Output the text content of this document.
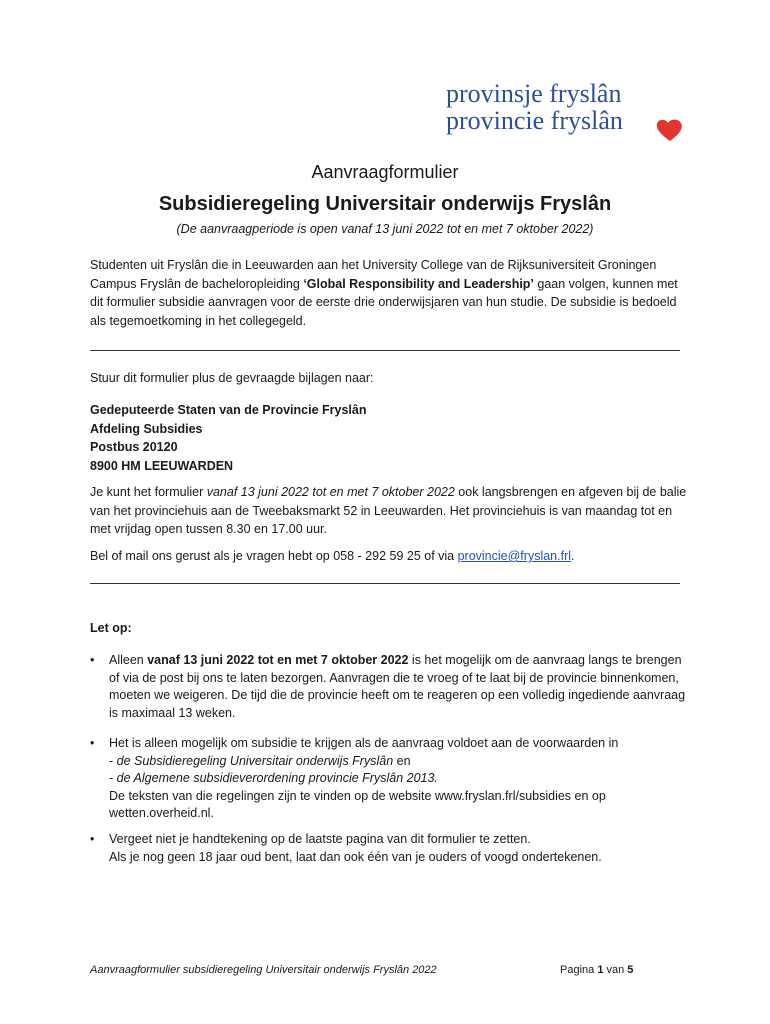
provinsje fryslân
provincie fryslân
Aanvraagformulier
Subsidieregeling Universitair onderwijs Fryslân
(De aanvraagperiode is open vanaf 13 juni 2022 tot en met 7 oktober 2022)
Studenten uit Fryslân die in Leeuwarden aan het University College van de Rijksuniversiteit Groningen Campus Fryslân de bacheloropleiding ‘Global Responsibility and Leadership’ gaan volgen, kunnen met dit formulier subsidie aanvragen voor de eerste drie onderwijsjaren van hun studie. De subsidie is bedoeld als tegemoetkoming in het collegegeld.
Stuur dit formulier plus de gevraagde bijlagen naar:
Gedeputeerde Staten van de Provincie Fryslân
Afdeling Subsidies
Postbus 20120
8900 HM LEEUWARDEN
Je kunt het formulier vanaf 13 juni 2022 tot en met 7 oktober 2022 ook langsbrengen en afgeven bij de balie van het provinciehuis aan de Tweebaksmarkt 52 in Leeuwarden. Het provinciehuis is van maandag tot en met vrijdag open tussen 8.30 en 17.00 uur.
Bel of mail ons gerust als je vragen hebt op 058 - 292 59 25 of via provincie@fryslan.frl.
Let op:
• Alleen vanaf 13 juni 2022 tot en met 7 oktober 2022 is het mogelijk om de aanvraag langs te brengen of via de post bij ons te laten bezorgen. Aanvragen die te vroeg of te laat bij de provincie binnenkomen, moeten we weigeren. De tijd die de provincie heeft om te reageren op een volledig ingediende aanvraag is maximaal 13 weken.
• Het is alleen mogelijk om subsidie te krijgen als de aanvraag voldoet aan de voorwaarden in
- de Subsidieregeling Universitair onderwijs Fryslân en
- de Algemene subsidieverordening provincie Fryslân 2013.
De teksten van die regelingen zijn te vinden op de website www.fryslan.frl/subsidies en op wetten.overheid.nl.
• Vergeet niet je handtekening op de laatste pagina van dit formulier te zetten.
Als je nog geen 18 jaar oud bent, laat dan ook één van je ouders of voogd ondertekenen.
Aanvraagformulier subsidieregeling Universitair onderwijs Fryslân 2022	Pagina 1 van 5
